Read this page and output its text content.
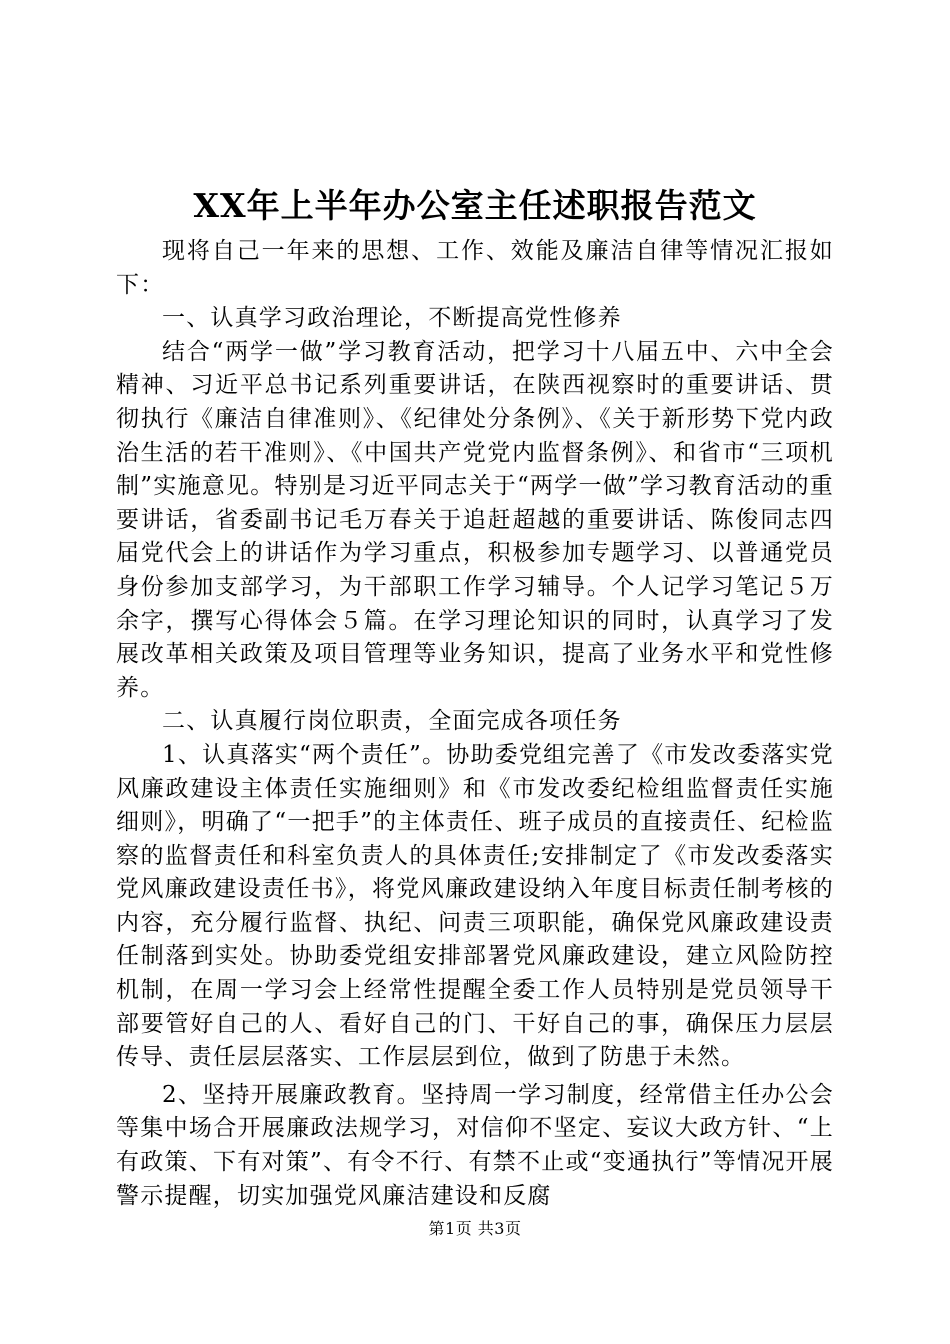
XX年上半年办公室主任述职报告范文

现将自己一年来的思想、工作、效能及廉洁自律等情况汇报如下：

一、认真学习政治理论，不断提高党性修养

结合“两学一做”学习教育活动，把学习十八届五中、六中全会精神、习近平总书记系列重要讲话，在陕西视察时的重要讲话、贯彻执行《廉洁自律准则》、《纪律处分条例》、《关于新形势下党内政治生活的若干准则》、《中国共产党党内监督条例》、和省市“三项机制”实施意见。特别是习近平同志关于“两学一做”学习教育活动的重要讲话，省委副书记毛万春关于追赶超越的重要讲话、陈俊同志四届党代会上的讲话作为学习重点，积极参加专题学习、以普通党员身份参加支部学习，为干部职工作学习辅导。个人记学习笔记５万余字，撰写心得体会５篇。在学习理论知识的同时，认真学习了发展改革相关政策及项目管理等业务知识，提高了业务水平和党性修养。

二、认真履行岗位职责，全面完成各项任务

1、认真落实“两个责任”。协助委党组完善了《市发改委落实党风廉政建设主体责任实施细则》和《市发改委纪检组监督责任实施细则》，明确了“一把手”的主体责任、班子成员的直接责任、纪检监察的监督责任和科室负责人的具体责任;安排制定了《市发改委落实党风廉政建设责任书》，将党风廉政建设纳入年度目标责任制考核的内容，充分履行监督、执纪、问责三项职能，确保党风廉政建设责任制落到实处。协助委党组安排部署党风廉政建设，建立风险防控机制，在周一学习会上经常性提醒全委工作人员特别是党员领导干部要管好自己的人、看好自己的门、干好自己的事，确保压力层层传导、责任层层落实、工作层层到位，做到了防患于未然。

2、坚持开展廉政教育。坚持周一学习制度，经常借主任办公会等集中场合开展廉政法规学习，对信仰不坚定、妄议大政方针、“上有政策、下有对策”、有令不行、有禁不止或“变通执行”等情况开展警示提醒，切实加强党风廉洁建设和反腐

第1页 共3页
